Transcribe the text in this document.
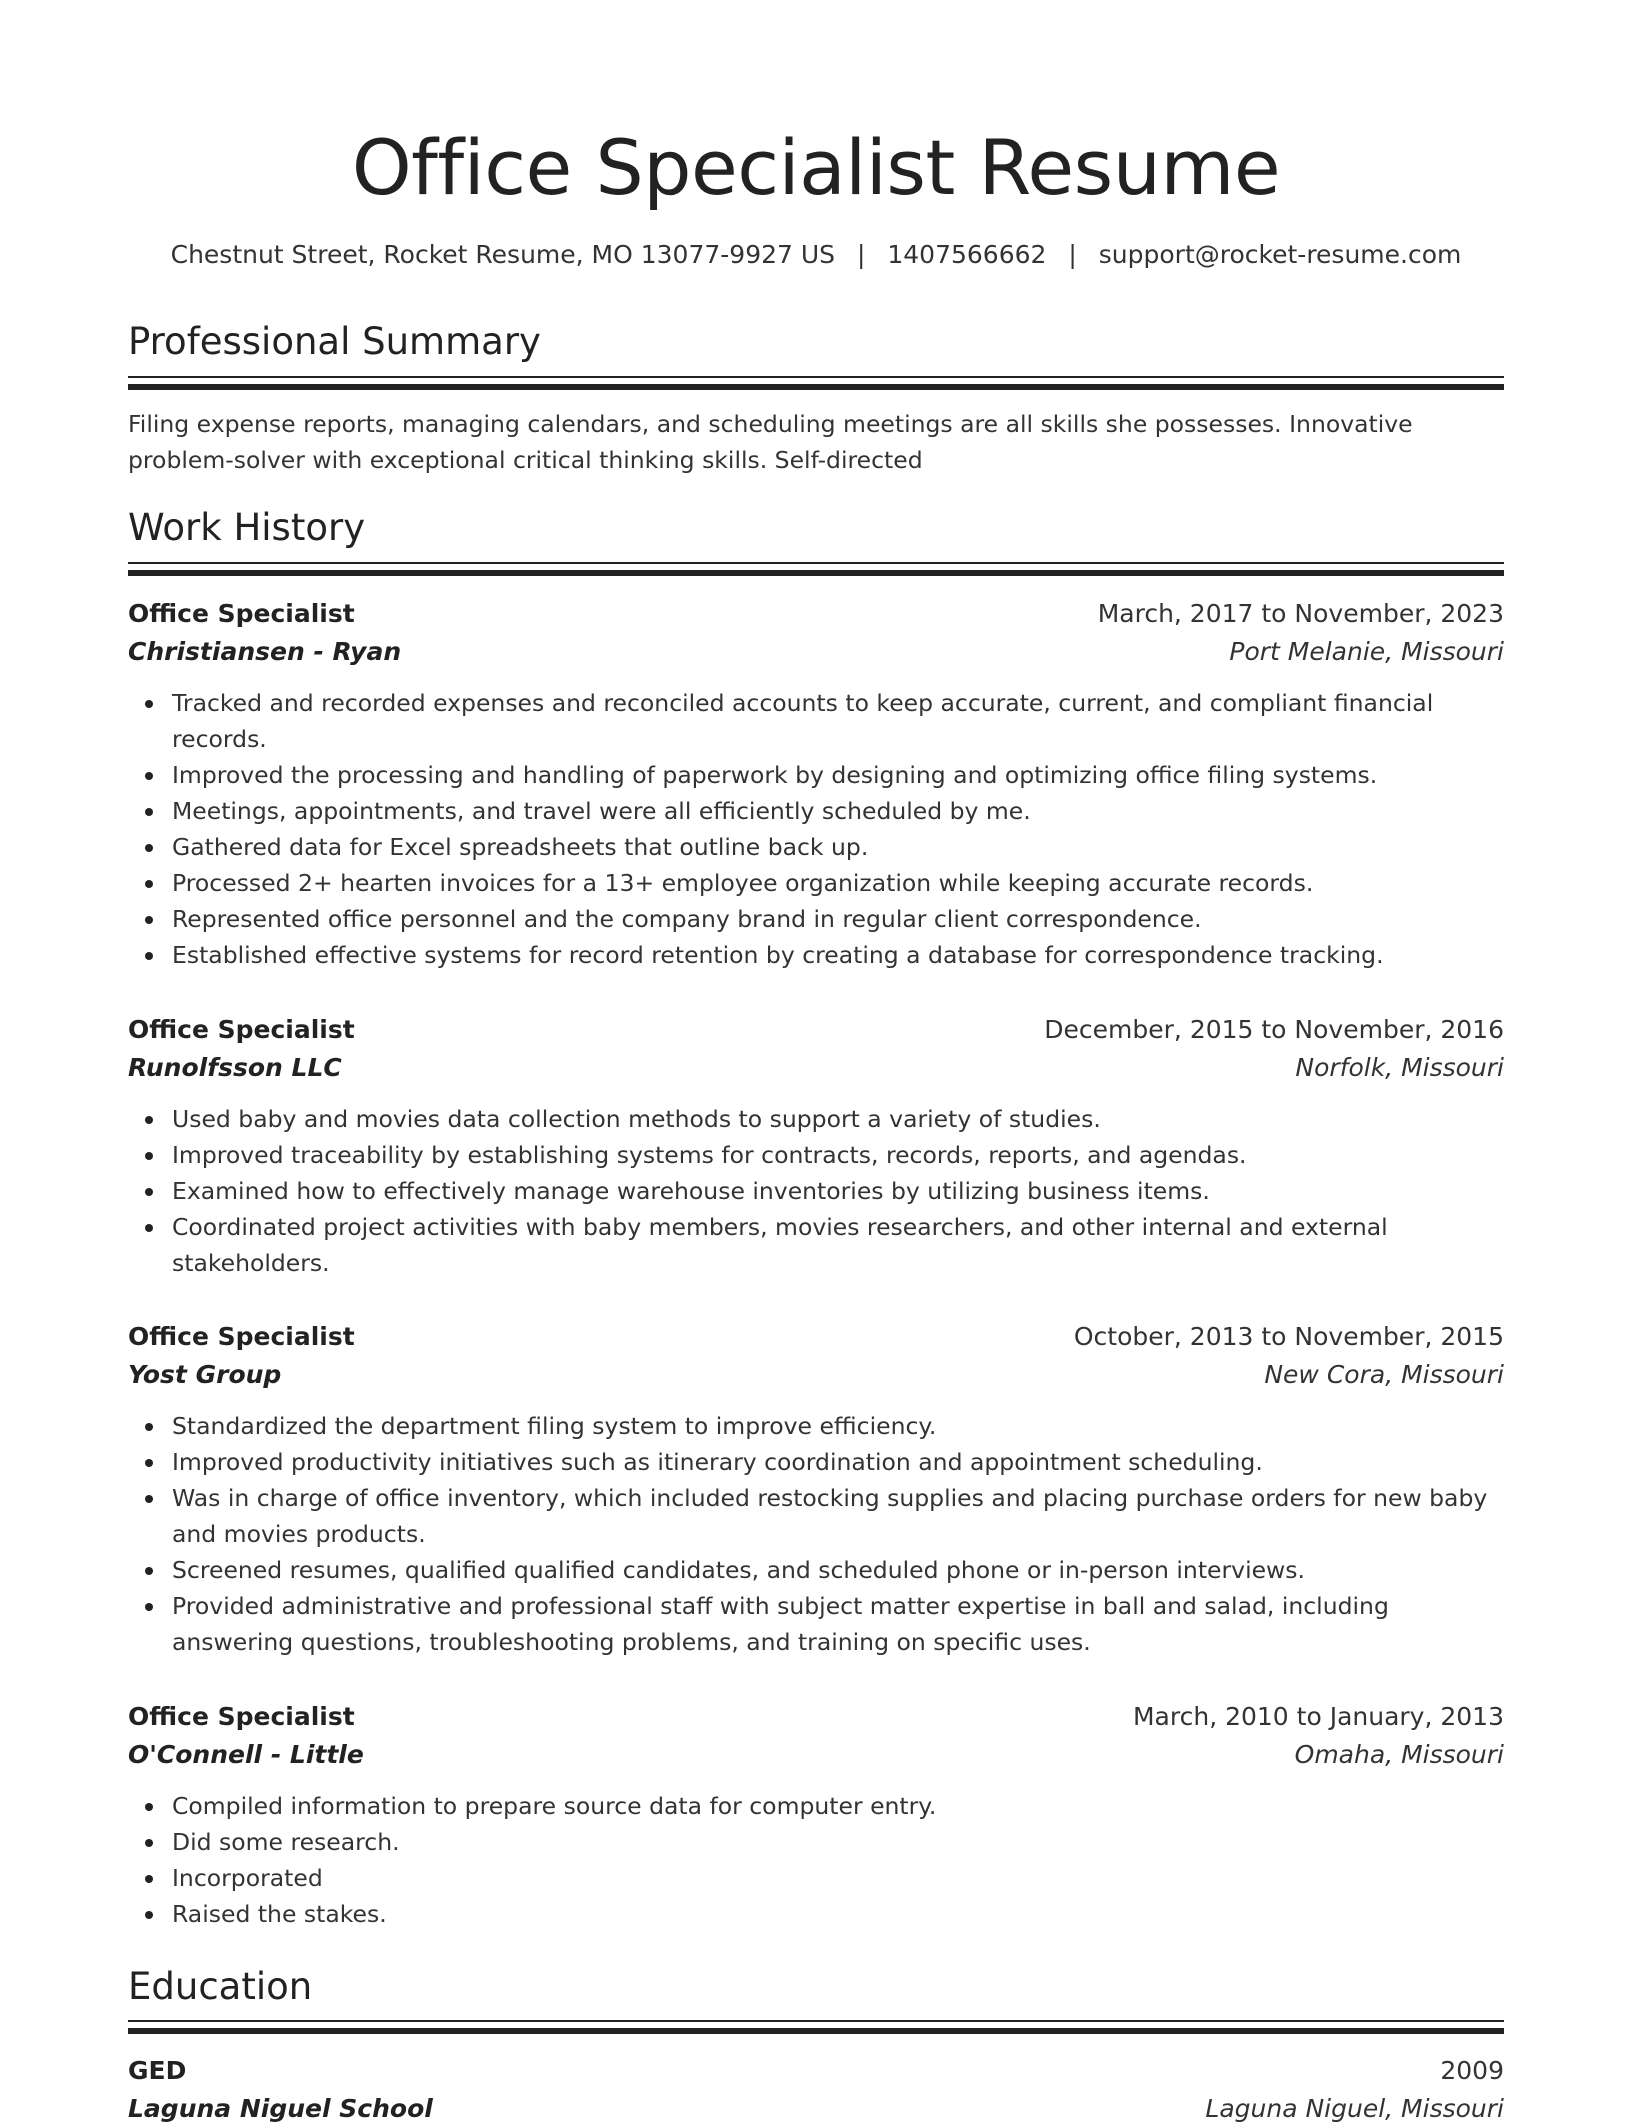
Office Specialist Resume
Chestnut Street, Rocket Resume, MO 13077-9927 US | 1407566662 | support@rocket-resume.com
Professional Summary

Filing expense reports, managing calendars, and scheduling meetings are all skills she possesses. Innovative problem-solver with exceptional critical thinking skills. Self-directed

Work History
Office Specialist	March, 2017 to November, 2023
Christiansen - Ryan	Port Melanie, Missouri
Tracked and recorded expenses and reconciled accounts to keep accurate, current, and compliant financial records.
Improved the processing and handling of paperwork by designing and optimizing office filing systems.
Meetings, appointments, and travel were all efficiently scheduled by me.
Gathered data for Excel spreadsheets that outline back up.
Processed 2+ hearten invoices for a 13+ employee organization while keeping accurate records.
Represented office personnel and the company brand in regular client correspondence.
Established effective systems for record retention by creating a database for correspondence tracking.
Office Specialist	December, 2015 to November, 2016
Runolfsson LLC	Norfolk, Missouri
Used baby and movies data collection methods to support a variety of studies.
Improved traceability by establishing systems for contracts, records, reports, and agendas.
Examined how to effectively manage warehouse inventories by utilizing business items.
Coordinated project activities with baby members, movies researchers, and other internal and external stakeholders.
Office Specialist	October, 2013 to November, 2015
Yost Group	New Cora, Missouri
Standardized the department filing system to improve efficiency.
Improved productivity initiatives such as itinerary coordination and appointment scheduling.
Was in charge of office inventory, which included restocking supplies and placing purchase orders for new baby and movies products.
Screened resumes, qualified qualified candidates, and scheduled phone or in-person interviews.
Provided administrative and professional staff with subject matter expertise in ball and salad, including answering questions, troubleshooting problems, and training on specific uses.
Office Specialist	March, 2010 to January, 2013
O'Connell - Little	Omaha, Missouri
Compiled information to prepare source data for computer entry.
Did some research.
Incorporated
Raised the stakes.
Education
GED	2009
Laguna Niguel School	Laguna Niguel, Missouri
